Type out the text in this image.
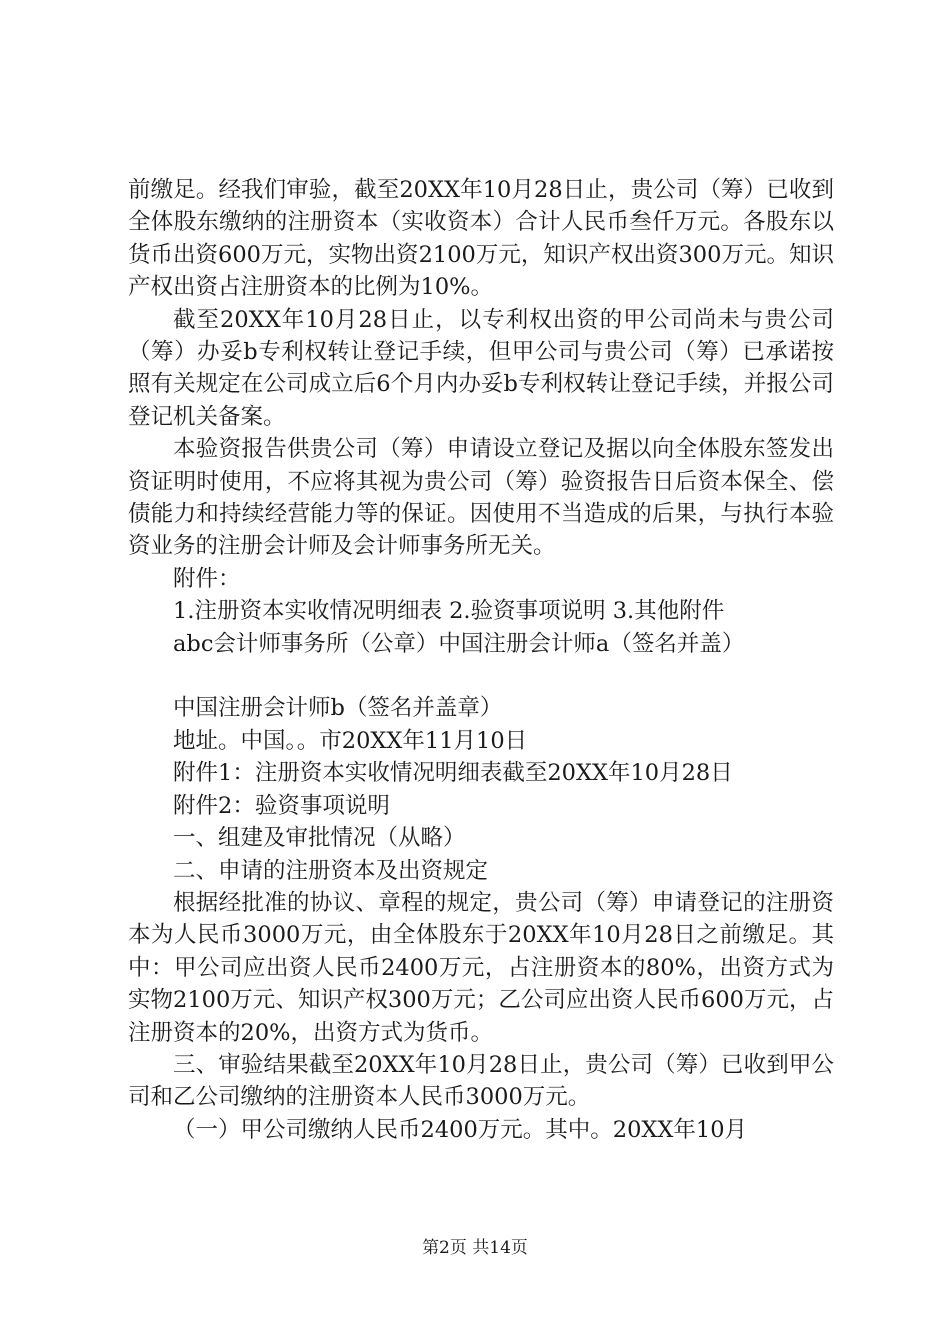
前缴足。经我们审验，截至20XX年10月28日止，贵公司（筹）已收到全体股东缴纳的注册资本（实收资本）合计人民币叁仟万元。各股东以货币出资600万元，实物出资2100万元，知识产权出资300万元。知识产权出资占注册资本的比例为10%。

截至20XX年10月28日止，以专利权出资的甲公司尚未与贵公司（筹）办妥b专利权转让登记手续，但甲公司与贵公司（筹）已承诺按照有关规定在公司成立后6个月内办妥b专利权转让登记手续，并报公司登记机关备案。

本验资报告供贵公司（筹）申请设立登记及据以向全体股东签发出资证明时使用，不应将其视为贵公司（筹）验资报告日后资本保全、偿债能力和持续经营能力等的保证。因使用不当造成的后果，与执行本验资业务的注册会计师及会计师事务所无关。

附件：

1.注册资本实收情况明细表 2.验资事项说明 3.其他附件

abc会计师事务所（公章）中国注册会计师a（签名并盖）

中国注册会计师b（签名并盖章）

地址。中国。。市20XX年11月10日

附件1：注册资本实收情况明细表截至20XX年10月28日

附件2：验资事项说明

一、组建及审批情况（从略）

二、申请的注册资本及出资规定

根据经批准的协议、章程的规定，贵公司（筹）申请登记的注册资本为人民币3000万元，由全体股东于20XX年10月28日之前缴足。其中：甲公司应出资人民币2400万元，占注册资本的80%，出资方式为实物2100万元、知识产权300万元；乙公司应出资人民币600万元，占注册资本的20%，出资方式为货币。

三、审验结果截至20XX年10月28日止，贵公司（筹）已收到甲公司和乙公司缴纳的注册资本人民币3000万元。

（一）甲公司缴纳人民币2400万元。其中。20XX年10月

第2页 共14页
